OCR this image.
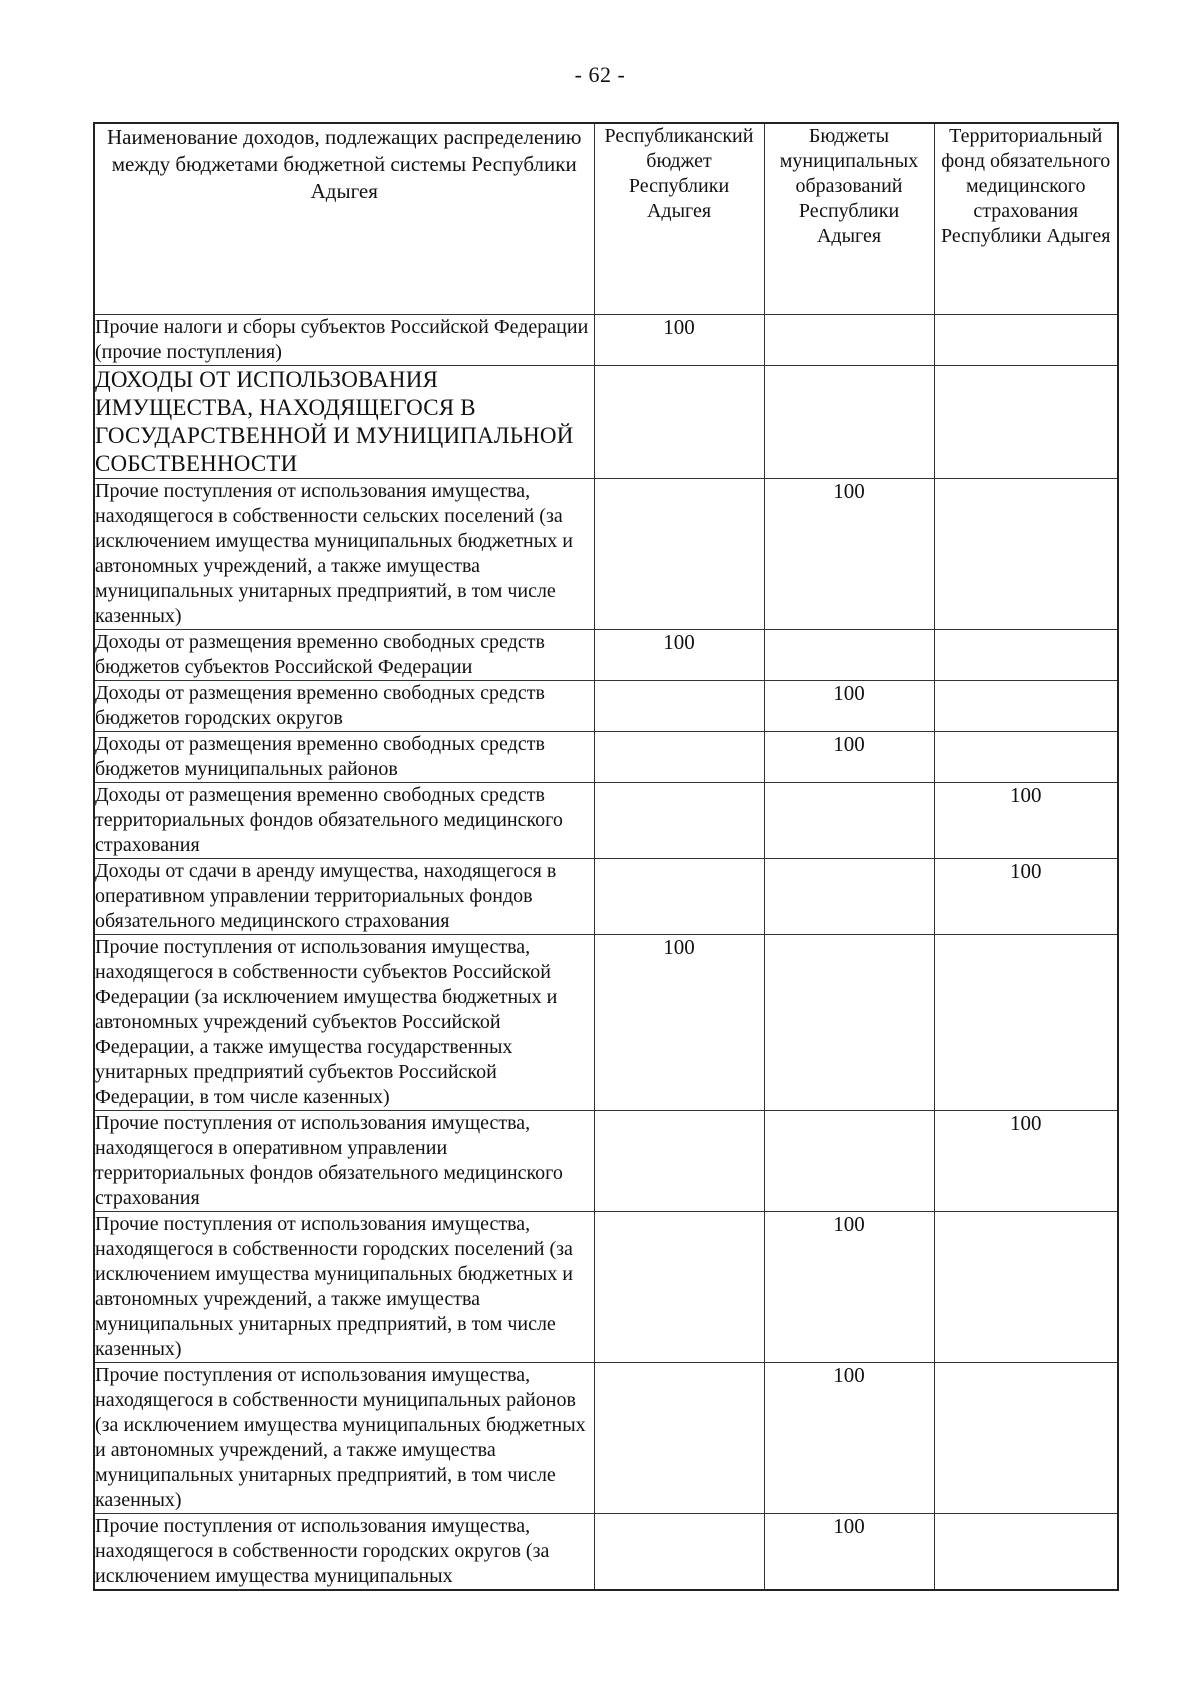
- 62 -
Наименование доходов, подлежащих распределению между бюджетами бюджетной системы Республики Адыгея	Республиканский бюджет Республики Адыгея	Бюджеты муниципальных образований Республики Адыгея	Территориальный фонд обязательного медицинского страхования Республики Адыгея
Прочие налоги и сборы субъектов Российской Федерации (прочие поступления)	100		
ДОХОДЫ ОТ ИСПОЛЬЗОВАНИЯ ИМУЩЕСТВА, НАХОДЯЩЕГОСЯ В ГОСУДАРСТВЕННОЙ И МУНИЦИПАЛЬНОЙ СОБСТВЕННОСТИ			
Прочие поступления от использования имущества, находящегося в собственности сельских поселений (за исключением имущества муниципальных бюджетных и автономных учреждений, а также имущества муниципальных унитарных предприятий, в том числе казенных)		100	
Доходы от размещения временно свободных средств бюджетов субъектов Российской Федерации	100		
Доходы от размещения временно свободных средств бюджетов городских округов		100	
Доходы от размещения временно свободных средств бюджетов муниципальных районов		100	
Доходы от размещения временно свободных средств территориальных фондов обязательного медицинского страхования			100
Доходы от сдачи в аренду имущества, находящегося в оперативном управлении территориальных фондов обязательного медицинского страхования			100
Прочие поступления от использования имущества, находящегося в собственности субъектов Российской Федерации (за исключением имущества бюджетных и автономных учреждений субъектов Российской Федерации, а также имущества государственных унитарных предприятий субъектов Российской Федерации, в том числе казенных)	100		
Прочие поступления от использования имущества, находящегося в оперативном управлении территориальных фондов обязательного медицинского страхования			100
Прочие поступления от использования имущества, находящегося в собственности городских поселений (за исключением имущества муниципальных бюджетных и автономных учреждений, а также имущества муниципальных унитарных предприятий, в том числе казенных)		100	
Прочие поступления от использования имущества, находящегося в собственности муниципальных районов (за исключением имущества муниципальных бюджетных и автономных учреждений, а также имущества муниципальных унитарных предприятий, в том числе казенных)		100	
Прочие поступления от использования имущества, находящегося в собственности городских округов (за исключением имущества муниципальных		100	
